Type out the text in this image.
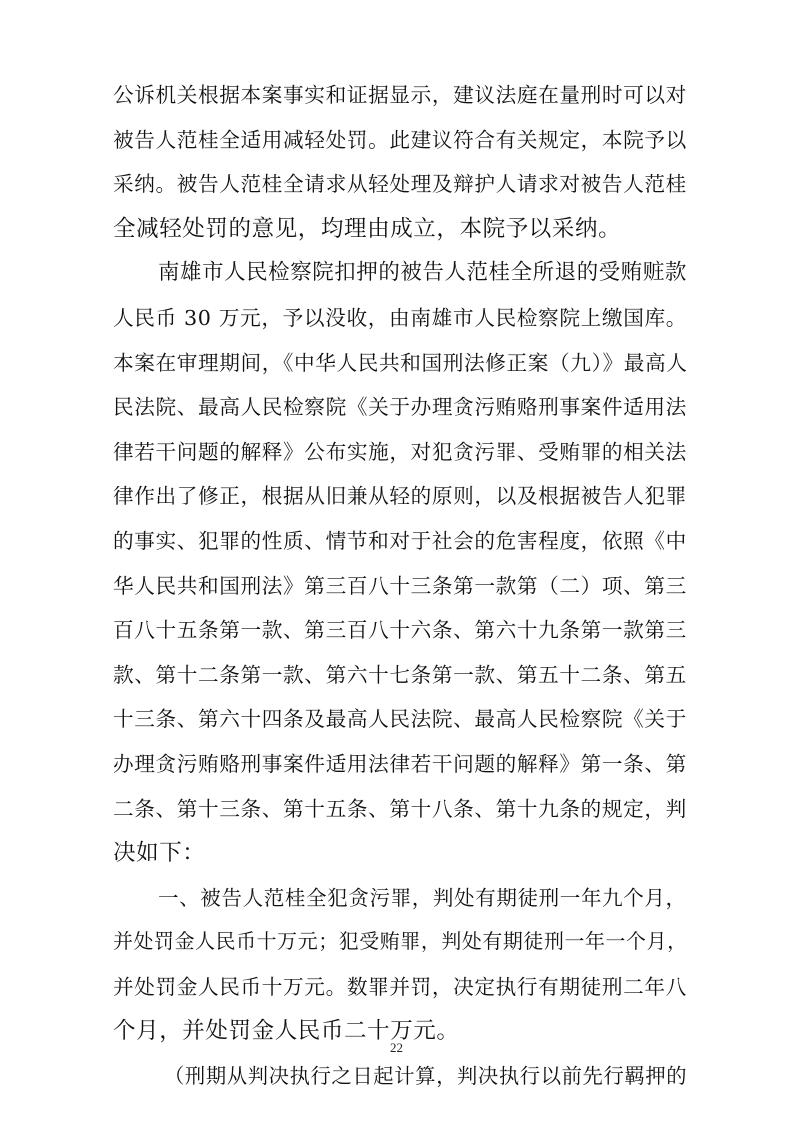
公诉机关根据本案事实和证据显示，建议法庭在量刑时可以对
被告人范桂全适用减轻处罚。此建议符合有关规定，本院予以
采纳。被告人范桂全请求从轻处理及辩护人请求对被告人范桂
全减轻处罚的意见，均理由成立，本院予以采纳。
南雄市人民检察院扣押的被告人范桂全所退的受贿赃款
人民币 30 万元，予以没收，由南雄市人民检察院上缴国库。
本案在审理期间，《中华人民共和国刑法修正案（九）》最高人
民法院、最高人民检察院《关于办理贪污贿赂刑事案件适用法
律若干问题的解释》公布实施，对犯贪污罪、受贿罪的相关法
律作出了修正，根据从旧兼从轻的原则，以及根据被告人犯罪
的事实、犯罪的性质、情节和对于社会的危害程度，依照《中
华人民共和国刑法》第三百八十三条第一款第（二）项、第三
百八十五条第一款、第三百八十六条、第六十九条第一款第三
款、第十二条第一款、第六十七条第一款、第五十二条、第五
十三条、第六十四条及最高人民法院、最高人民检察院《关于
办理贪污贿赂刑事案件适用法律若干问题的解释》第一条、第
二条、第十三条、第十五条、第十八条、第十九条的规定，判
决如下：
一、被告人范桂全犯贪污罪，判处有期徒刑一年九个月，
并处罚金人民币十万元；犯受贿罪，判处有期徒刑一年一个月，
并处罚金人民币十万元。数罪并罚，决定执行有期徒刑二年八
个月，并处罚金人民币二十万元。
（刑期从判决执行之日起计算，判决执行以前先行羁押的
22
